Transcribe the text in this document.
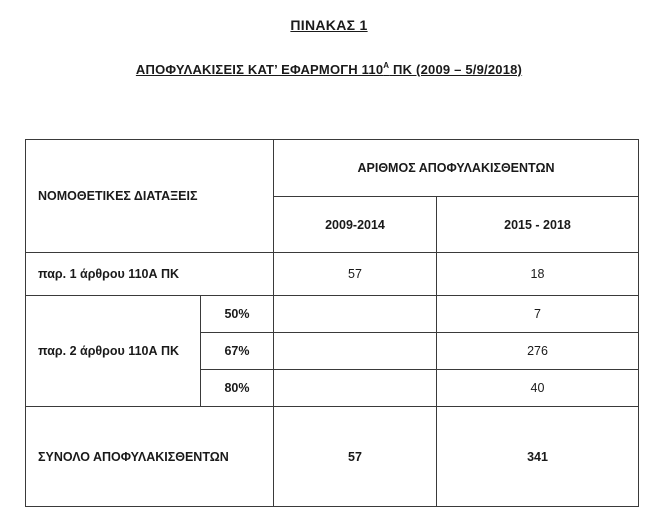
ΠΙΝΑΚΑΣ 1
ΑΠΟΦΥΛΑΚΙΣΕΙΣ ΚΑΤ’ ΕΦΑΡΜΟΓΗ $110^A$ ΠΚ (2009 – 5/9/2018)
ΝΟΜΟΘΕΤΙΚΕΣ ΔΙΑΤΑΞΕΙΣ		ΑΡΙΘΜΟΣ ΑΠΟΦΥΛΑΚΙΣΘΕΝΤΩΝ	
		2009-2014	2015 - 2018
παρ. 1 άρθρου 110Α ΠΚ		57	18
παρ. 2 άρθρου 110Α ΠΚ	50%		7
	67%		276
	80%		40
ΣΥΝΟΛΟ ΑΠΟΦΥΛΑΚΙΣΘΕΝΤΩΝ		57	341
